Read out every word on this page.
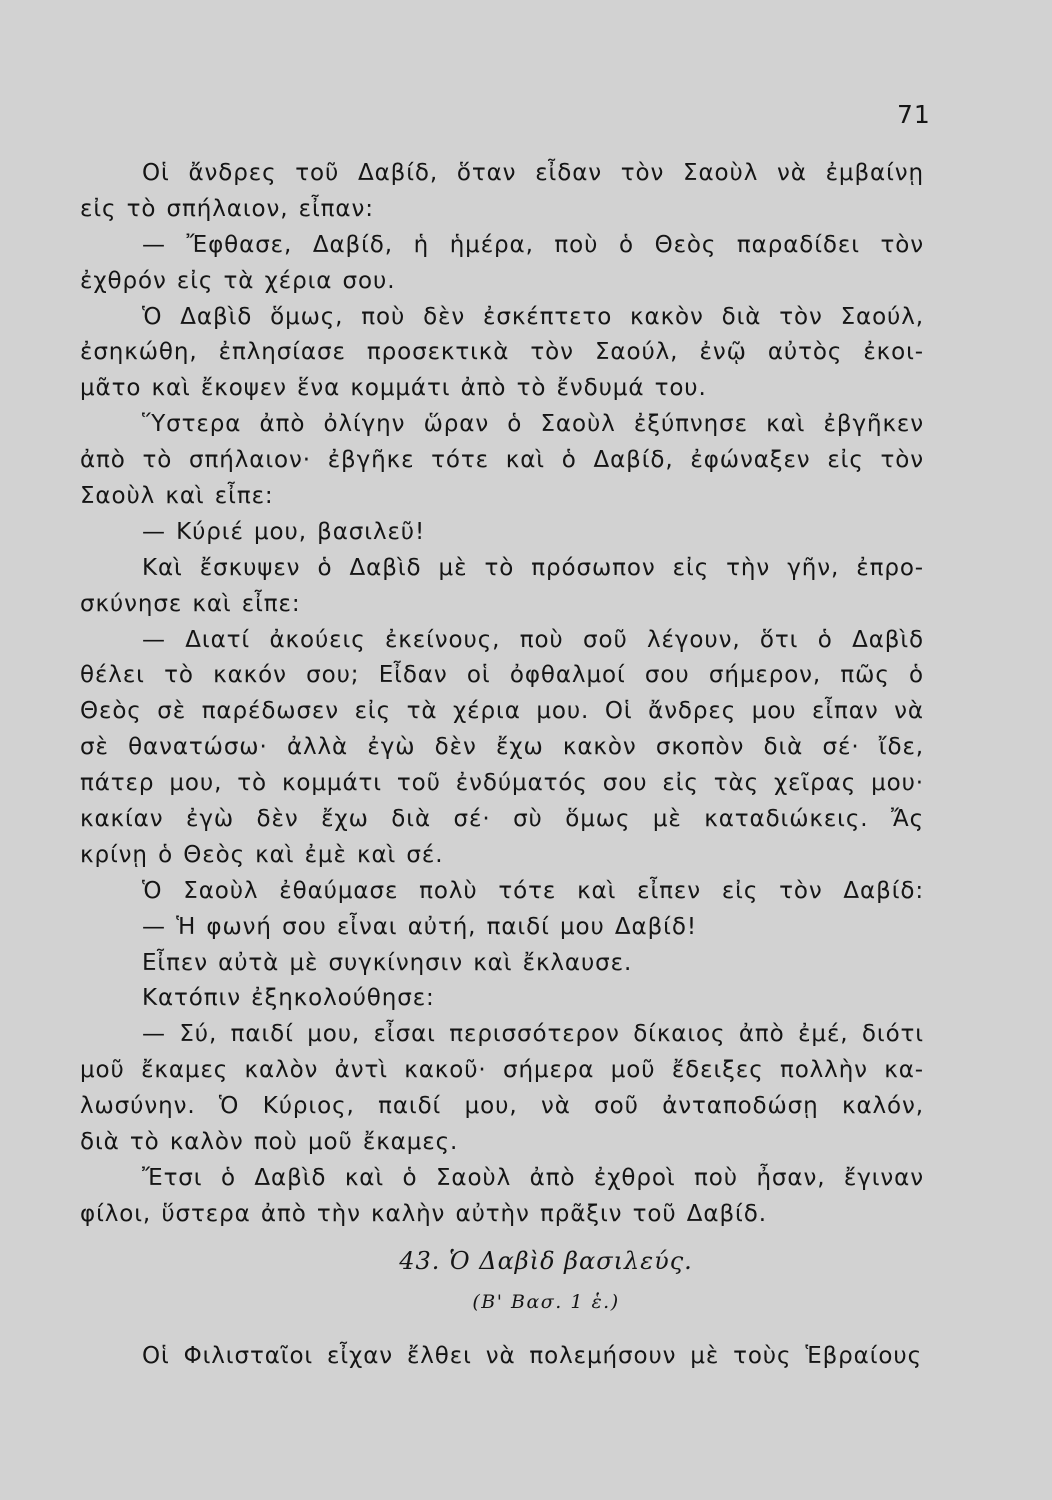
71
Οἱ ἄνδρες τοῦ Δαβίδ, ὅταν εἶδαν τὸν Σαοὺλ νὰ ἐμβαίνῃ
εἰς τὸ σπήλαιον, εἶπαν:
— Ἔφθασε, Δαβίδ, ἡ ἡμέρα, ποὺ ὁ Θεὸς παραδίδει τὸν
ἐχθρόν εἰς τὰ χέρια σου.
Ὁ Δαβὶδ ὅμως, ποὺ δὲν ἐσκέπτετο κακὸν διὰ τὸν Σαούλ,
ἐσηκώθη, ἐπλησίασε προσεκτικὰ τὸν Σαούλ, ἐνῷ αὐτὸς ἐκοι-
μᾶτο καὶ ἔκοψεν ἕνα κομμάτι ἀπὸ τὸ ἔνδυμά του.
Ὕστερα ἀπὸ ὀλίγην ὥραν ὁ Σαοὺλ ἐξύπνησε καὶ ἐβγῆκεν
ἀπὸ τὸ σπήλαιον· ἐβγῆκε τότε καὶ ὁ Δαβίδ, ἐφώναξεν εἰς τὸν
Σαοὺλ καὶ εἶπε:
— Κύριέ μου, βασιλεῦ!
Καὶ ἔσκυψεν ὁ Δαβὶδ μὲ τὸ πρόσωπον εἰς τὴν γῆν, ἐπρο-
σκύνησε καὶ εἶπε:
— Διατί ἀκούεις ἐκείνους, ποὺ σοῦ λέγουν, ὅτι ὁ Δαβὶδ
θέλει τὸ κακόν σου; Εἶδαν οἱ ὀφθαλμοί σου σήμερον, πῶς ὁ
Θεὸς σὲ παρέδωσεν εἰς τὰ χέρια μου. Οἱ ἄνδρες μου εἶπαν νὰ
σὲ θανατώσω· ἀλλὰ ἐγὼ δὲν ἔχω κακὸν σκοπὸν διὰ σέ· ἴδε,
πάτερ μου, τὸ κομμάτι τοῦ ἐνδύματός σου εἰς τὰς χεῖρας μου·
κακίαν ἐγὼ δὲν ἔχω διὰ σέ· σὺ ὅμως μὲ καταδιώκεις. Ἄς
κρίνῃ ὁ Θεὸς καὶ ἐμὲ καὶ σέ.
Ὁ Σαοὺλ ἐθαύμασε πολὺ τότε καὶ εἶπεν εἰς τὸν Δαβίδ:
— Ἡ φωνή σου εἶναι αὐτή, παιδί μου Δαβίδ!
Εἶπεν αὐτὰ μὲ συγκίνησιν καὶ ἔκλαυσε.
Κατόπιν ἐξηκολούθησε:
— Σύ, παιδί μου, εἶσαι περισσότερον δίκαιος ἀπὸ ἐμέ, διότι
μοῦ ἔκαμες καλὸν ἀντὶ κακοῦ· σήμερα μοῦ ἔδειξες πολλὴν κα-
λωσύνην. Ὁ Κύριος, παιδί μου, νὰ σοῦ ἀνταποδώσῃ καλόν,
διὰ τὸ καλὸν ποὺ μοῦ ἔκαμες.
Ἔτσι ὁ Δαβὶδ καὶ ὁ Σαοὺλ ἀπὸ ἐχθροὶ ποὺ ἦσαν, ἔγιναν
φίλοι, ὕστερα ἀπὸ τὴν καλὴν αὐτὴν πρᾶξιν τοῦ Δαβίδ.
43. Ὁ Δαβὶδ βασιλεύς.
(Β' Βασ. 1 ἑ.)
Οἱ Φιλισταῖοι εἶχαν ἔλθει νὰ πολεμήσουν μὲ τοὺς Ἑβραίους
